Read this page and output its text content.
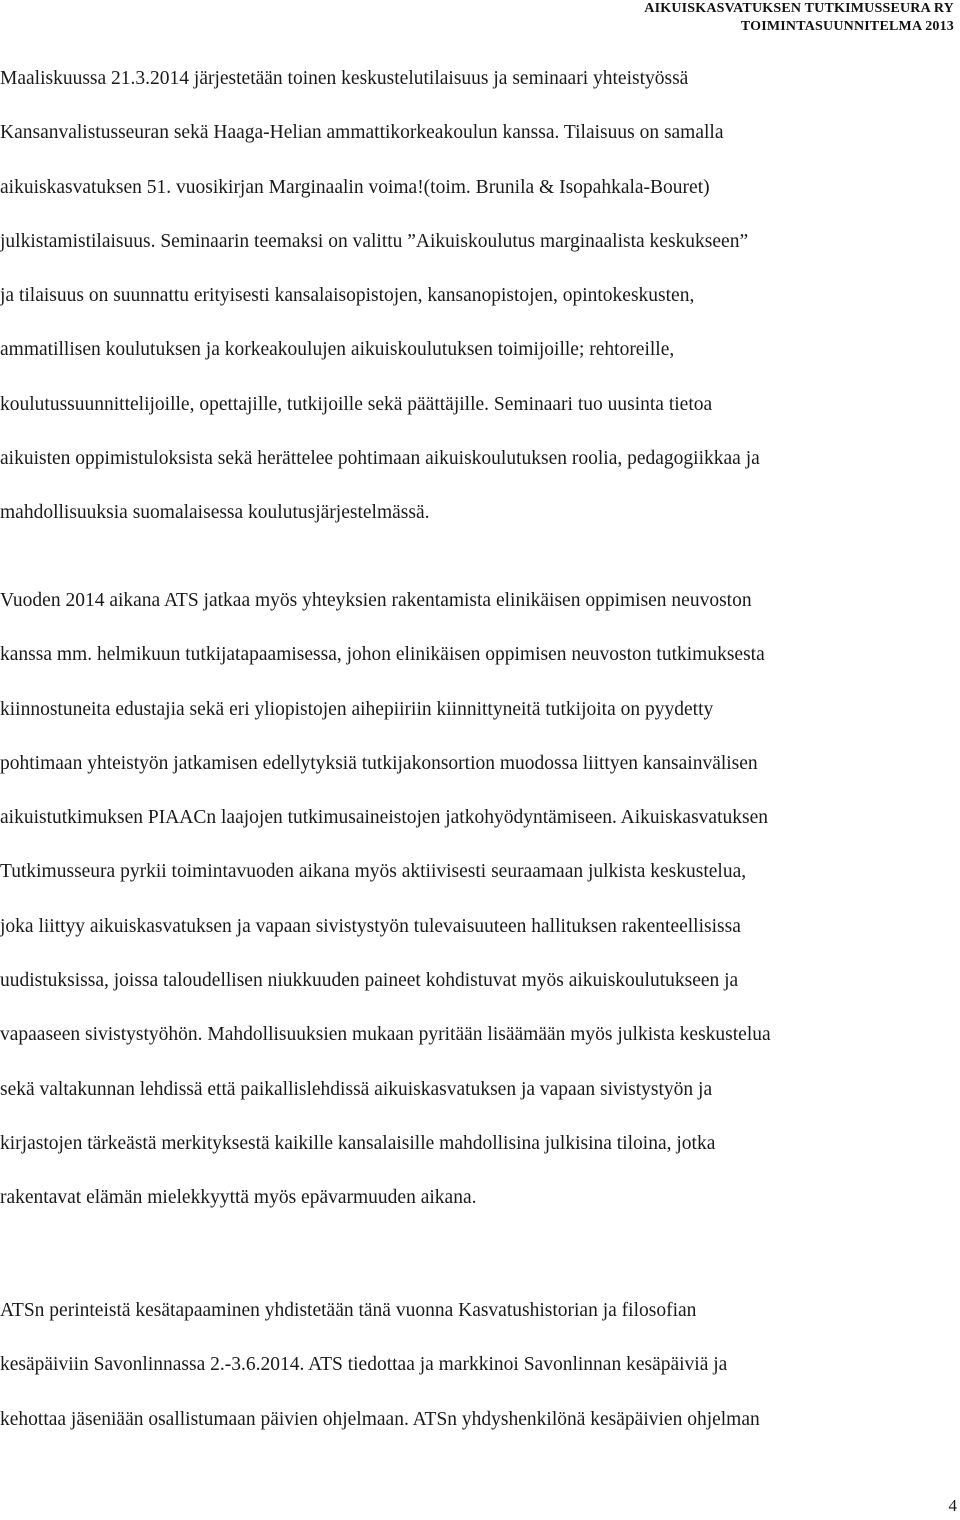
AIKUISKASVATUKSEN TUTKIMUSSEURA RY
TOIMINTASUUNNITELMA 2013
Maaliskuussa 21.3.2014 järjestetään toinen keskustelutilaisuus ja seminaari yhteistyössä
Kansanvalistusseuran sekä Haaga-Helian ammattikorkeakoulun kanssa. Tilaisuus on samalla
aikuiskasvatuksen 51. vuosikirjan Marginaalin voima!(toim. Brunila & Isopahkala-Bouret)
julkistamistilaisuus. Seminaarin teemaksi on valittu ”Aikuiskoulutus marginaalista keskukseen”
ja tilaisuus on suunnattu erityisesti kansalaisopistojen, kansanopistojen, opintokeskusten,
ammatillisen koulutuksen ja korkeakoulujen aikuiskoulutuksen toimijoille; rehtoreille,
koulutussuunnittelijoille, opettajille, tutkijoille sekä päättäjille. Seminaari tuo uusinta tietoa
aikuisten oppimistuloksista sekä herättelee pohtimaan aikuiskoulutuksen roolia, pedagogiikkaa ja
mahdollisuuksia suomalaisessa koulutusjärjestelmässä.
Vuoden 2014 aikana ATS jatkaa myös yhteyksien rakentamista elinikäisen oppimisen neuvoston
kanssa mm. helmikuun tutkijatapaamisessa, johon elinikäisen oppimisen neuvoston tutkimuksesta
kiinnostuneita edustajia sekä eri yliopistojen aihepiiriin kiinnittyneitä tutkijoita on pyydetty
pohtimaan yhteistyön jatkamisen edellytyksiä tutkijakonsortion muodossa liittyen kansainvälisen
aikuistutkimuksen PIAACn laajojen tutkimusaineistojen jatkohyödyntämiseen. Aikuiskasvatuksen
Tutkimusseura pyrkii toimintavuoden aikana myös aktiivisesti seuraamaan julkista keskustelua,
joka liittyy aikuiskasvatuksen ja vapaan sivistystyön tulevaisuuteen hallituksen rakenteellisissa
uudistuksissa, joissa taloudellisen niukkuuden paineet kohdistuvat myös aikuiskoulutukseen ja
vapaaseen sivistystyöhön. Mahdollisuuksien mukaan pyritään lisäämään myös julkista keskustelua
sekä valtakunnan lehdissä että paikallislehdissä aikuiskasvatuksen ja vapaan sivistystyön ja
kirjastojen tärkeästä merkityksestä kaikille kansalaisille mahdollisina julkisina tiloina, jotka
rakentavat elämän mielekkyyttä myös epävarmuuden aikana.
ATSn perinteistä kesätapaaminen yhdistetään tänä vuonna Kasvatushistorian ja filosofian
kesäpäiviin Savonlinnassa 2.-3.6.2014. ATS tiedottaa ja markkinoi Savonlinnan kesäpäiviä ja
kehottaa jäseniään osallistumaan päivien ohjelmaan. ATSn yhdyshenkilönä kesäpäivien ohjelman
4
